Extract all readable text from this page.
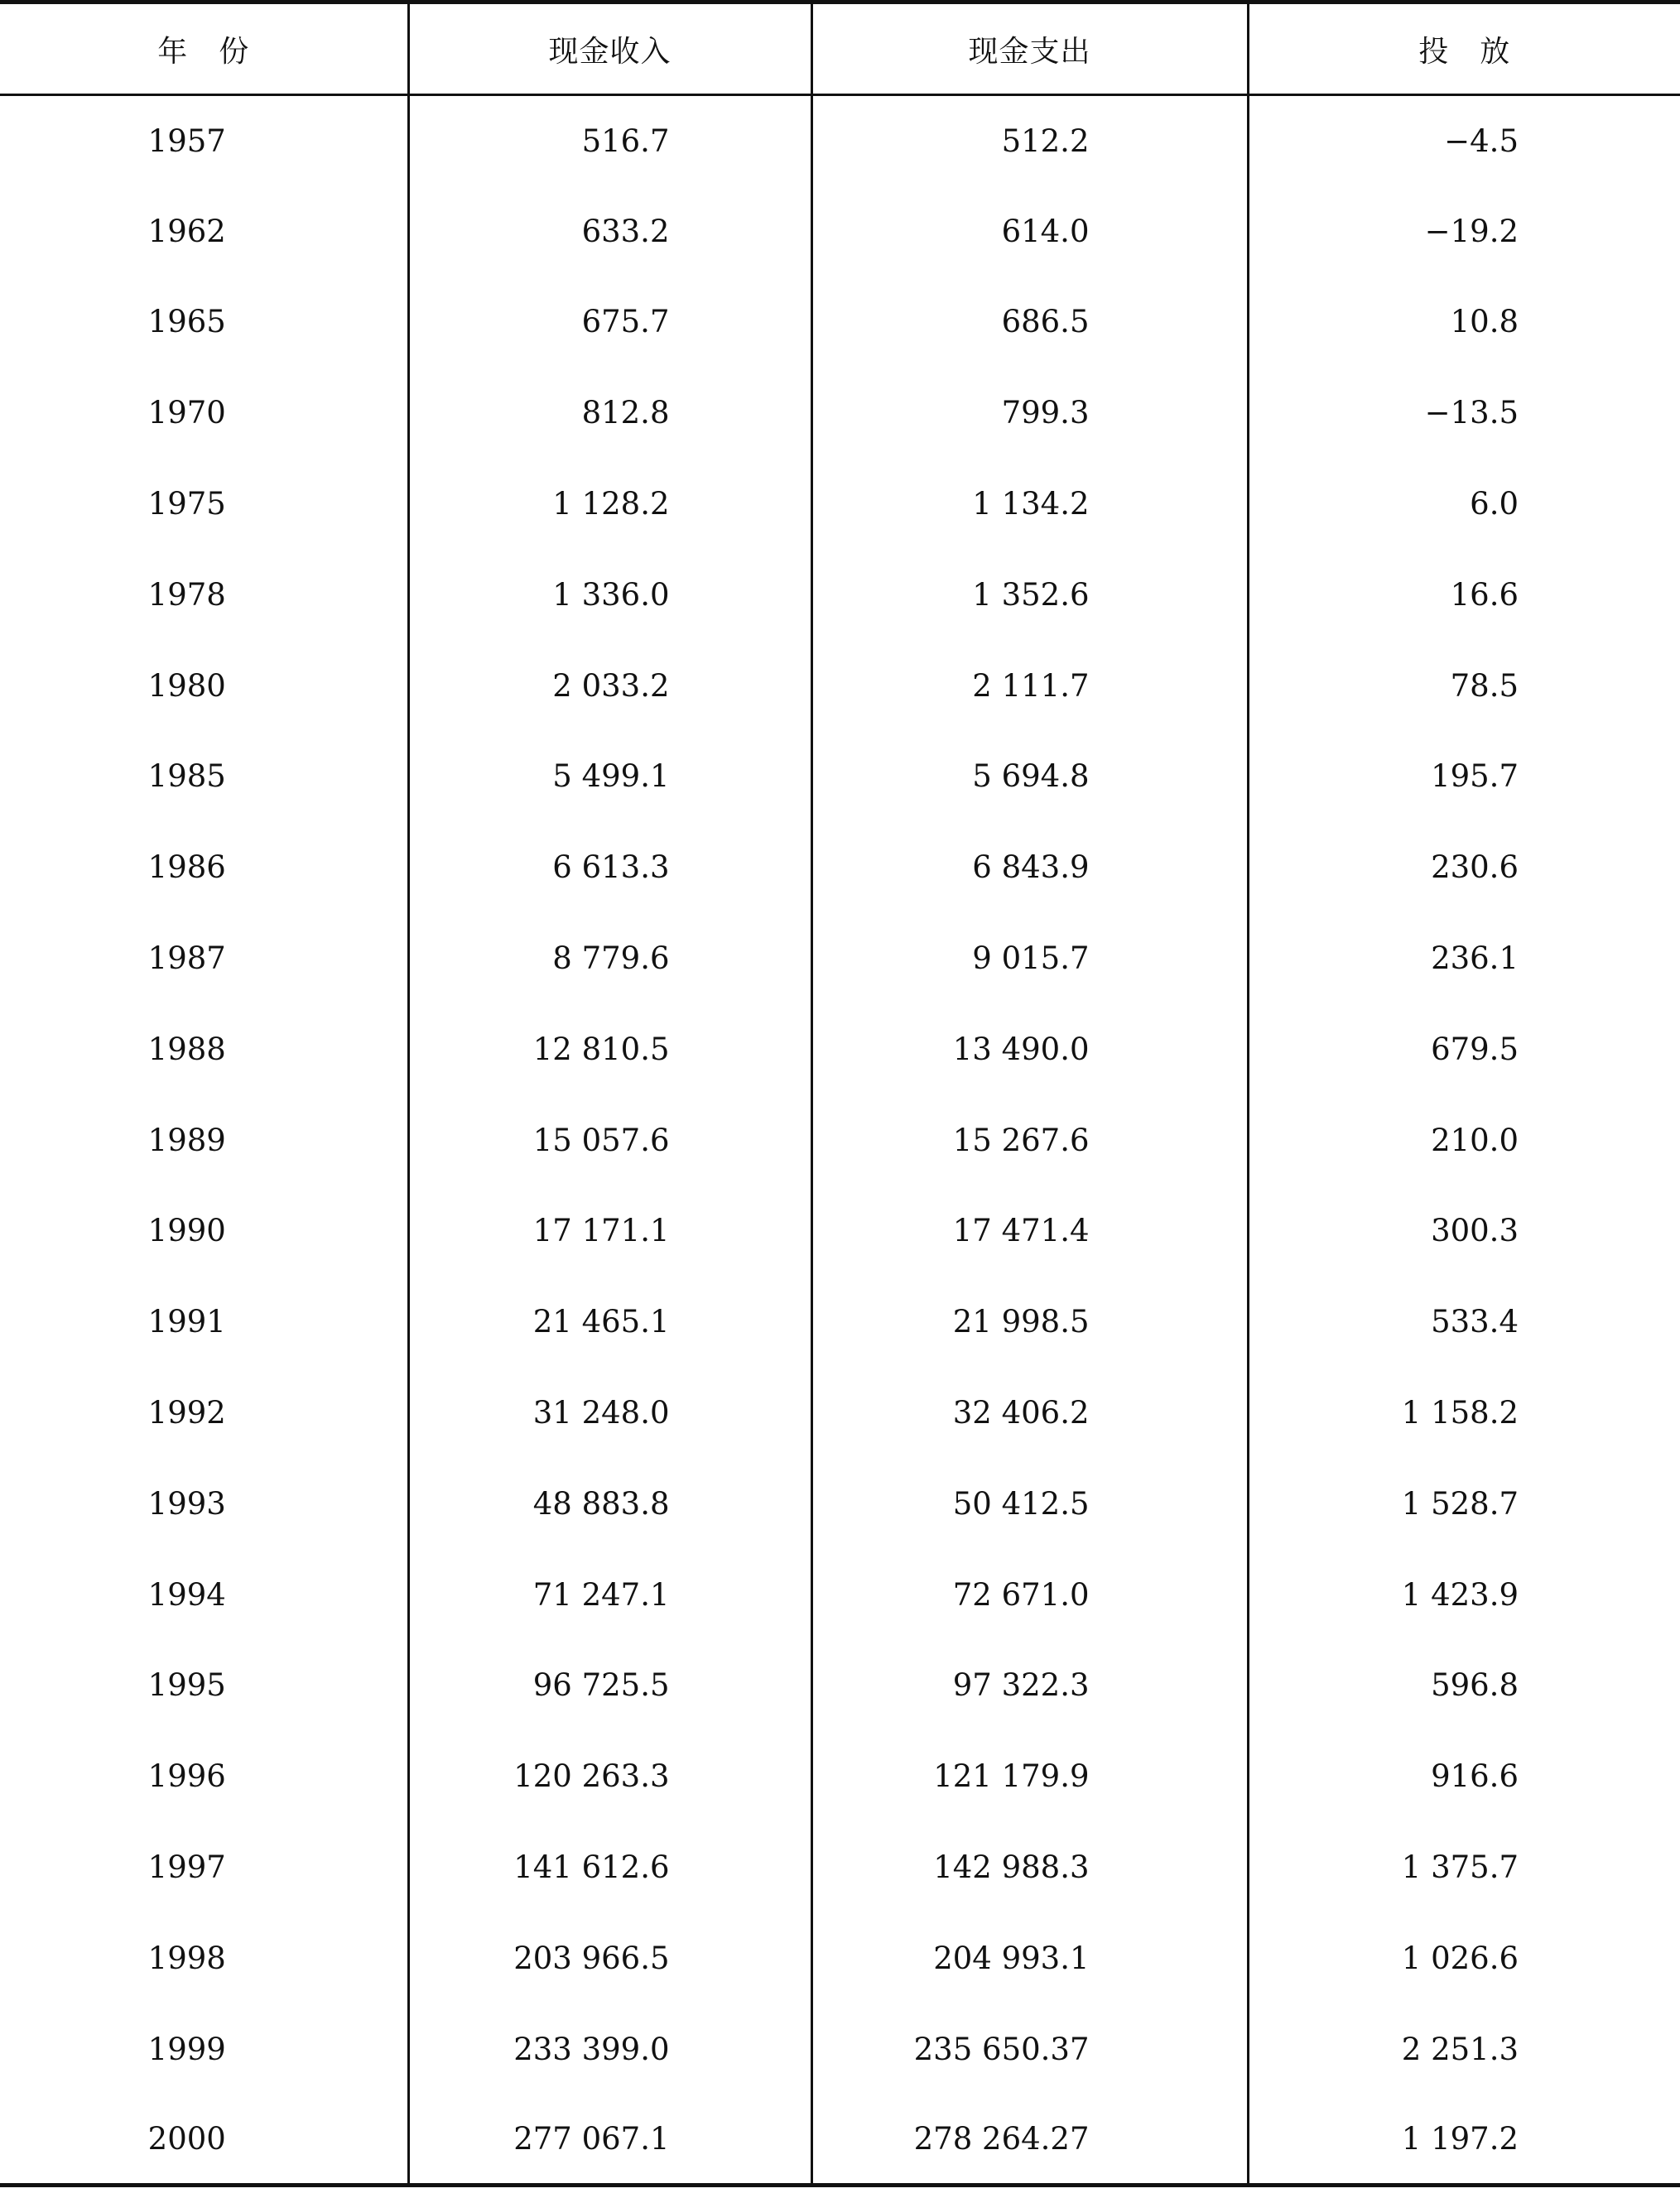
年　份	现金收入	现金支出	投　放
1957	516.7	512.2	−4.5
1962	633.2	614.0	−19.2
1965	675.7	686.5	10.8
1970	812.8	799.3	−13.5
1975	1 128.2	1 134.2	6.0
1978	1 336.0	1 352.6	16.6
1980	2 033.2	2 111.7	78.5
1985	5 499.1	5 694.8	195.7
1986	6 613.3	6 843.9	230.6
1987	8 779.6	9 015.7	236.1
1988	12 810.5	13 490.0	679.5
1989	15 057.6	15 267.6	210.0
1990	17 171.1	17 471.4	300.3
1991	21 465.1	21 998.5	533.4
1992	31 248.0	32 406.2	1 158.2
1993	48 883.8	50 412.5	1 528.7
1994	71 247.1	72 671.0	1 423.9
1995	96 725.5	97 322.3	596.8
1996	120 263.3	121 179.9	916.6
1997	141 612.6	142 988.3	1 375.7
1998	203 966.5	204 993.1	1 026.6
1999	233 399.0	235 650.37	2 251.3
2000	277 067.1	278 264.27	1 197.2
